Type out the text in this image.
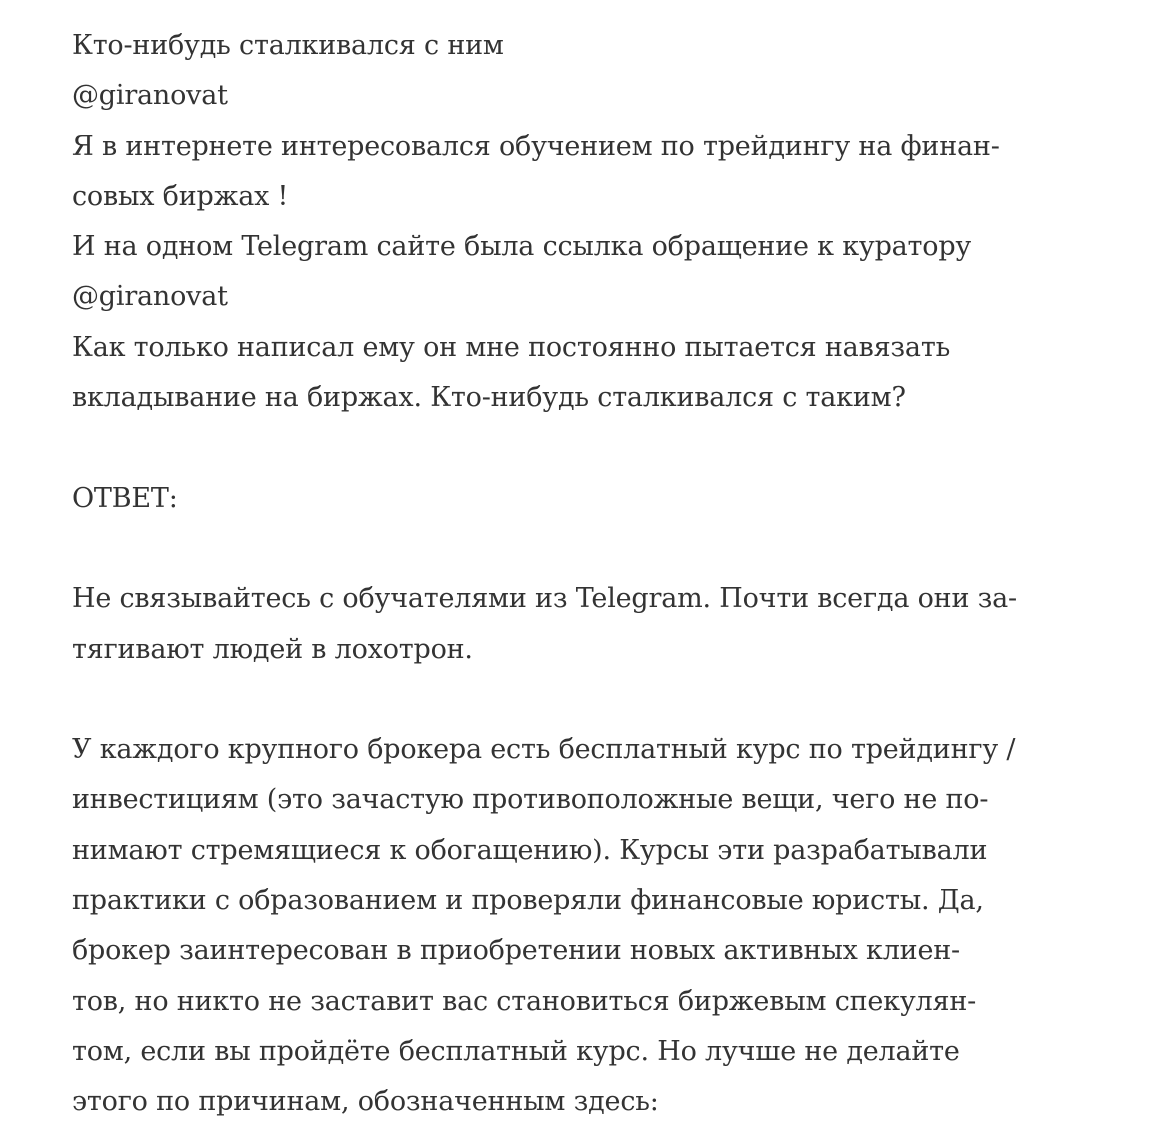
Кто-нибудь сталкивался с ним
@giranovat
Я в интернете интересовался обучением по трейдингу на финан-
совых биржах !
И на одном Telegram сайте была ссылка обращение к куратору
@giranovat
Как только написал ему он мне постоянно пытается навязать
вкладывание на биржах. Кто-нибудь сталкивался с таким?
ОТВЕТ:
Не связывайтесь с обучателями из Telegram. Почти всегда они за-
тягивают людей в лохотрон.
У каждого крупного брокера есть бесплатный курс по трейдингу /
инвестициям (это зачастую противоположные вещи, чего не по-
нимают стремящиеся к обогащению). Курсы эти разрабатывали
практики с образованием и проверяли финансовые юристы. Да,
брокер заинтересован в приобретении новых активных клиен-
тов, но никто не заставит вас становиться биржевым спекулян-
том, если вы пройдёте бесплатный курс. Но лучше не делайте
этого по причинам, обозначенным здесь:
